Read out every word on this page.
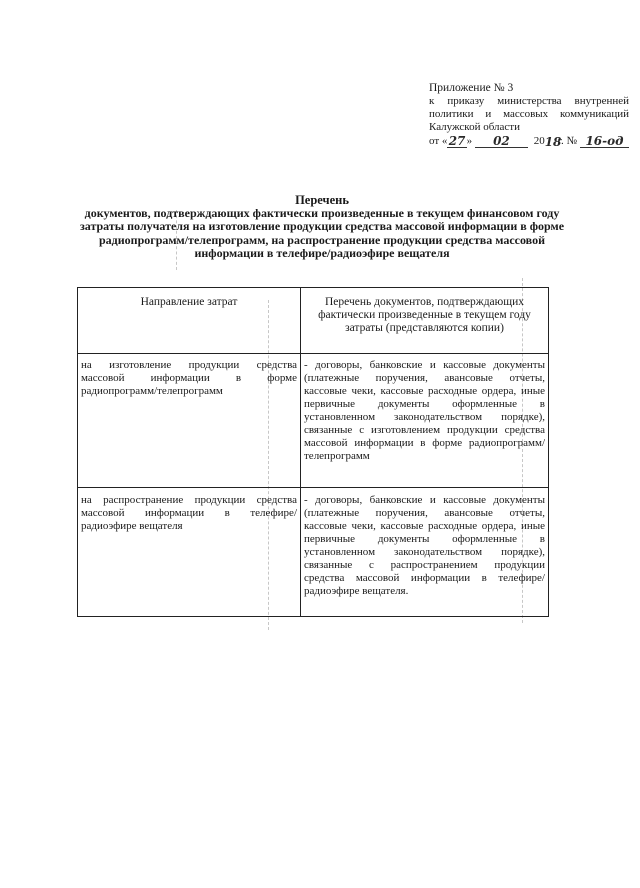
Приложение № 3
к приказу министерства внутренней
политики и массовых коммуникаций
Калужской области
от « 27 »	02	20 18
г. № 16-од
Перечень
документов, подтверждающих фактически произведенные в текущем финансовом году
затраты получателя на изготовление продукции средства массовой информации в форме
радиопрограмм/телепрограмм, на распространение продукции средства массовой
информации в телефире/радиоэфире вещателя
Направление затрат	Перечень документов, подтверждающих фактически произведенные в текущем году затраты (представляются копии)
на изготовление продукции средства массовой информации в форме радиопрограмм/телепрограмм	- договоры, банковские и кассовые документы (платежные поручения, авансовые отчеты, кассовые чеки, кассовые расходные ордера, иные первичные документы оформленные в установленном законодательством порядке), связанные с изготовлением продукции средства массовой информации в форме радиопрограмм/телепрограмм
на распространение продукции средства массовой информации в телефире/радиоэфире вещателя	- договоры, банковские и кассовые документы (платежные поручения, авансовые отчеты, кассовые чеки, кассовые расходные ордера, иные первичные документы оформленные в установленном законодательством порядке), связанные с распространением продукции средства массовой информации в телефире/радиоэфире вещателя.
